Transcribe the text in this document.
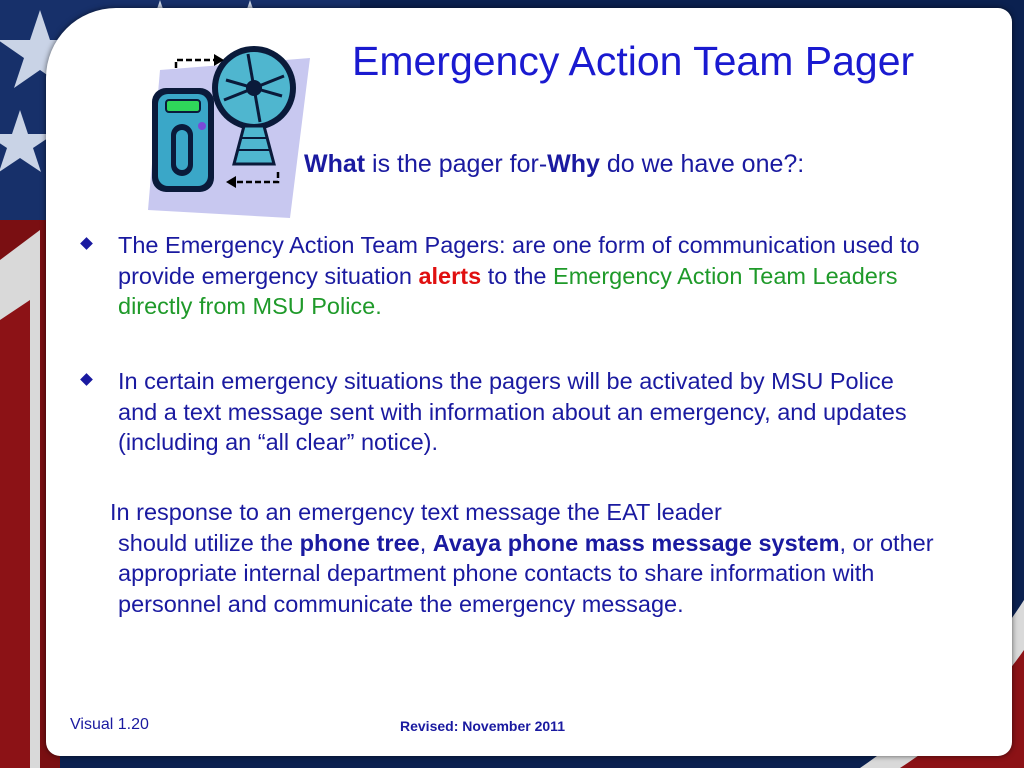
Emergency Action Team Pager
What is the pager for-Why do we have one?:
The Emergency Action Team Pagers: are one form of communication used to provide emergency situation alerts to the Emergency Action Team Leaders directly from MSU Police.
In certain emergency situations the pagers will be activated by MSU Police and a text message sent with information about an emergency, and updates (including an “all clear” notice).
In response to an emergency text message the EAT leader
should utilize the phone tree, Avaya phone mass message system, or other appropriate internal department phone contacts to share information with personnel and communicate the emergency message.
Visual 1.20	Revised: November 2011
